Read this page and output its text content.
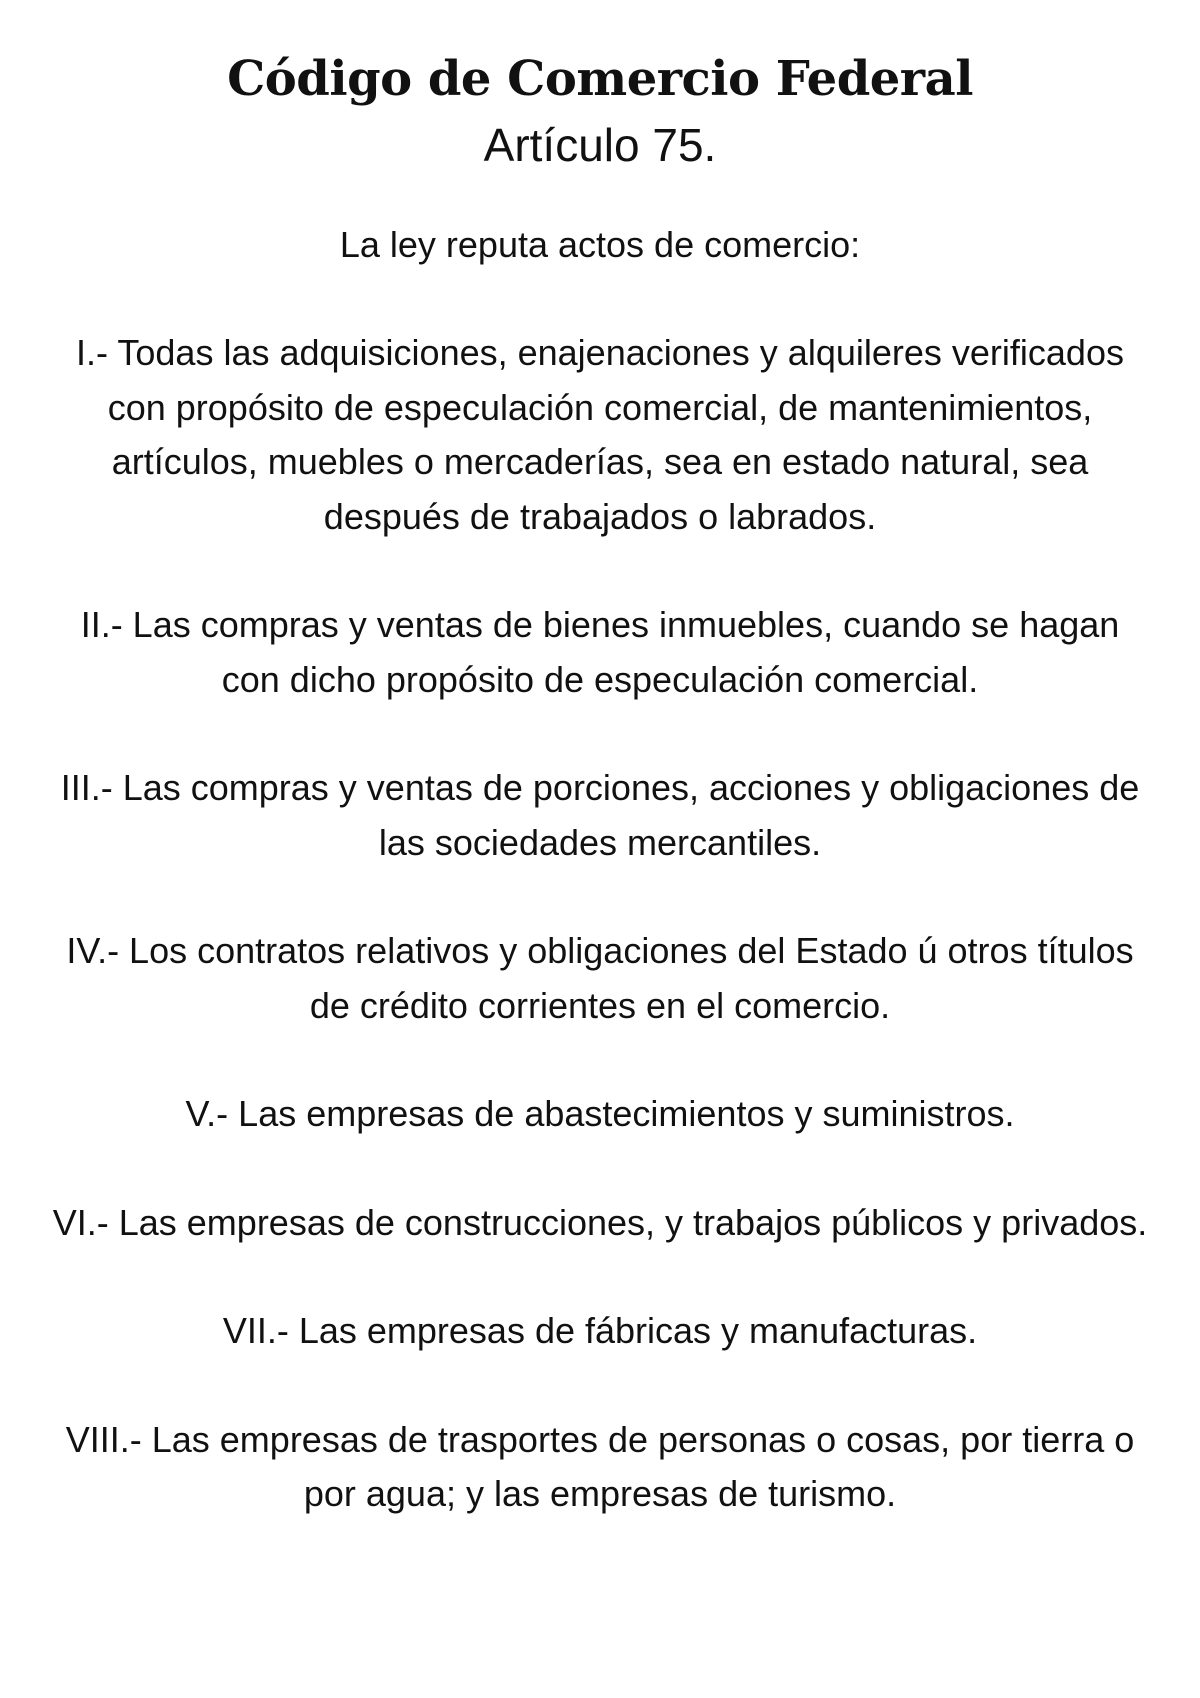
Código de Comercio Federal
Artículo 75.

La ley reputa actos de comercio:

I.- Todas las adquisiciones, enajenaciones y alquileres verificados con propósito de especulación comercial, de mantenimientos, artículos, muebles o mercaderías, sea en estado natural, sea después de trabajados o labrados.
II.- Las compras y ventas de bienes inmuebles, cuando se hagan con dicho propósito de especulación comercial.
III.- Las compras y ventas de porciones, acciones y obligaciones de las sociedades mercantiles.
IV.- Los contratos relativos y obligaciones del Estado ú otros títulos de crédito corrientes en el comercio.
V.- Las empresas de abastecimientos y suministros.
VI.- Las empresas de construcciones, y trabajos públicos y privados.
VII.- Las empresas de fábricas y manufacturas.
VIII.- Las empresas de trasportes de personas o cosas, por tierra o por agua; y las empresas de turismo.
